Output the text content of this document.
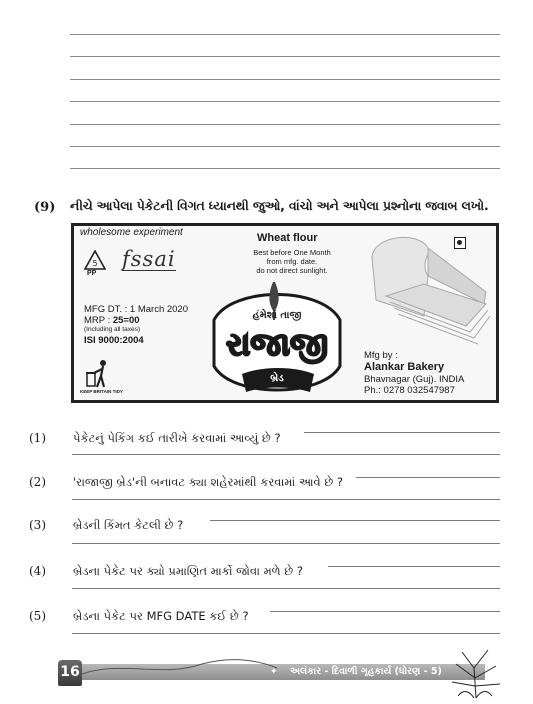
(9) નીચે આપેલા પેકેટની વિગત ધ્યાનથી જુઓ, વાંચો અને આપેલા પ્રશ્નોના જવાબ લખો.
wholesome experiment
5
PP
fssai
Wheat flour
Best before One Month
from mfg. date.
do not direct sunlight.
MFG DT. : 1 March 2020
MRP : 25=00
(Including all taxes)
ISI 9000:2004
KEEP BRITAIN TIDY
હંમેશાં તાજી
રાજાજી
બ્રેડ
Mfg by :
Alankar Bakery
Bhavnagar (Guj). INDIA
Ph.: 0278 032547987
(1) પેકેટનું પેકિંગ કઈ તારીખે કરવામાં આવ્યું છે ?
(2) 'રાજાજી બ્રેડ'ની બનાવટ ક્યા શહેરમાંથી કરવામાં આવે છે ?
(3) બ્રેડની કિંમત કેટલી છે ?
(4) બ્રેડના પેકેટ પર ક્યો પ્રમાણિત માર્કો જોવા મળે છે ?
(5) બ્રેડના પેકેટ પર MFG DATE કઈ છે ?
✦ અલંકાર - દિવાળી ગૃહકાર્ય (ધોરણ - 5)
16
